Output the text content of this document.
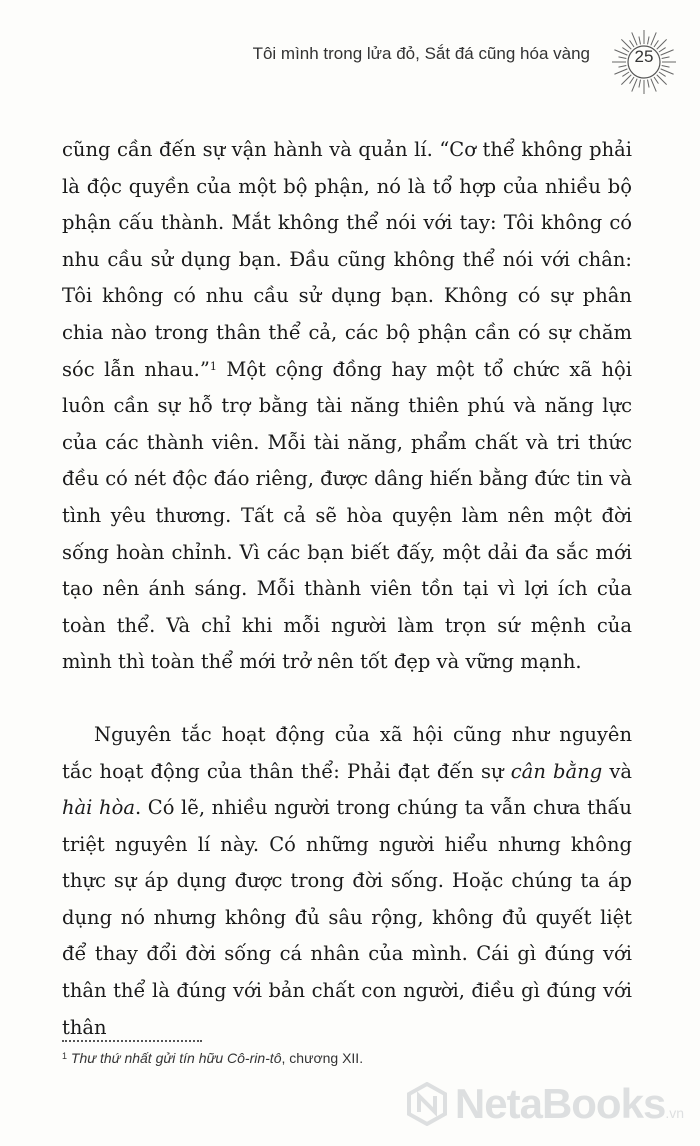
Tôi mình trong lửa đỏ, Sắt đá cũng hóa vàng	25

cũng cần đến sự vận hành và quản lí. “Cơ thể không phải là độc quyền của một bộ phận, nó là tổ hợp của nhiều bộ phận cấu thành. Mắt không thể nói với tay: Tôi không có nhu cầu sử dụng bạn. Đầu cũng không thể nói với chân: Tôi không có nhu cầu sử dụng bạn. Không có sự phân chia nào trong thân thể cả, các bộ phận cần có sự chăm sóc lẫn nhau.”$^1$ Một cộng đồng hay một tổ chức xã hội luôn cần sự hỗ trợ bằng tài năng thiên phú và năng lực của các thành viên. Mỗi tài năng, phẩm chất và tri thức đều có nét độc đáo riêng, được dâng hiến bằng đức tin và tình yêu thương. Tất cả sẽ hòa quyện làm nên một đời sống hoàn chỉnh. Vì các bạn biết đấy, một dải đa sắc mới tạo nên ánh sáng. Mỗi thành viên tồn tại vì lợi ích của toàn thể. Và chỉ khi mỗi người làm trọn sứ mệnh của mình thì toàn thể mới trở nên tốt đẹp và vững mạnh.

Nguyên tắc hoạt động của xã hội cũng như nguyên tắc hoạt động của thân thể: Phải đạt đến sự cân bằng và hài hòa. Có lẽ, nhiều người trong chúng ta vẫn chưa thấu triệt nguyên lí này. Có những người hiểu nhưng không thực sự áp dụng được trong đời sống. Hoặc chúng ta áp dụng nó nhưng không đủ sâu rộng, không đủ quyết liệt để thay đổi đời sống cá nhân của mình. Cái gì đúng với thân thể là đúng với bản chất con người, điều gì đúng với thân

$^1$ Thư thứ nhất gửi tín hữu Cô-rin-tô, chương XII.
NetaBooks.vn
